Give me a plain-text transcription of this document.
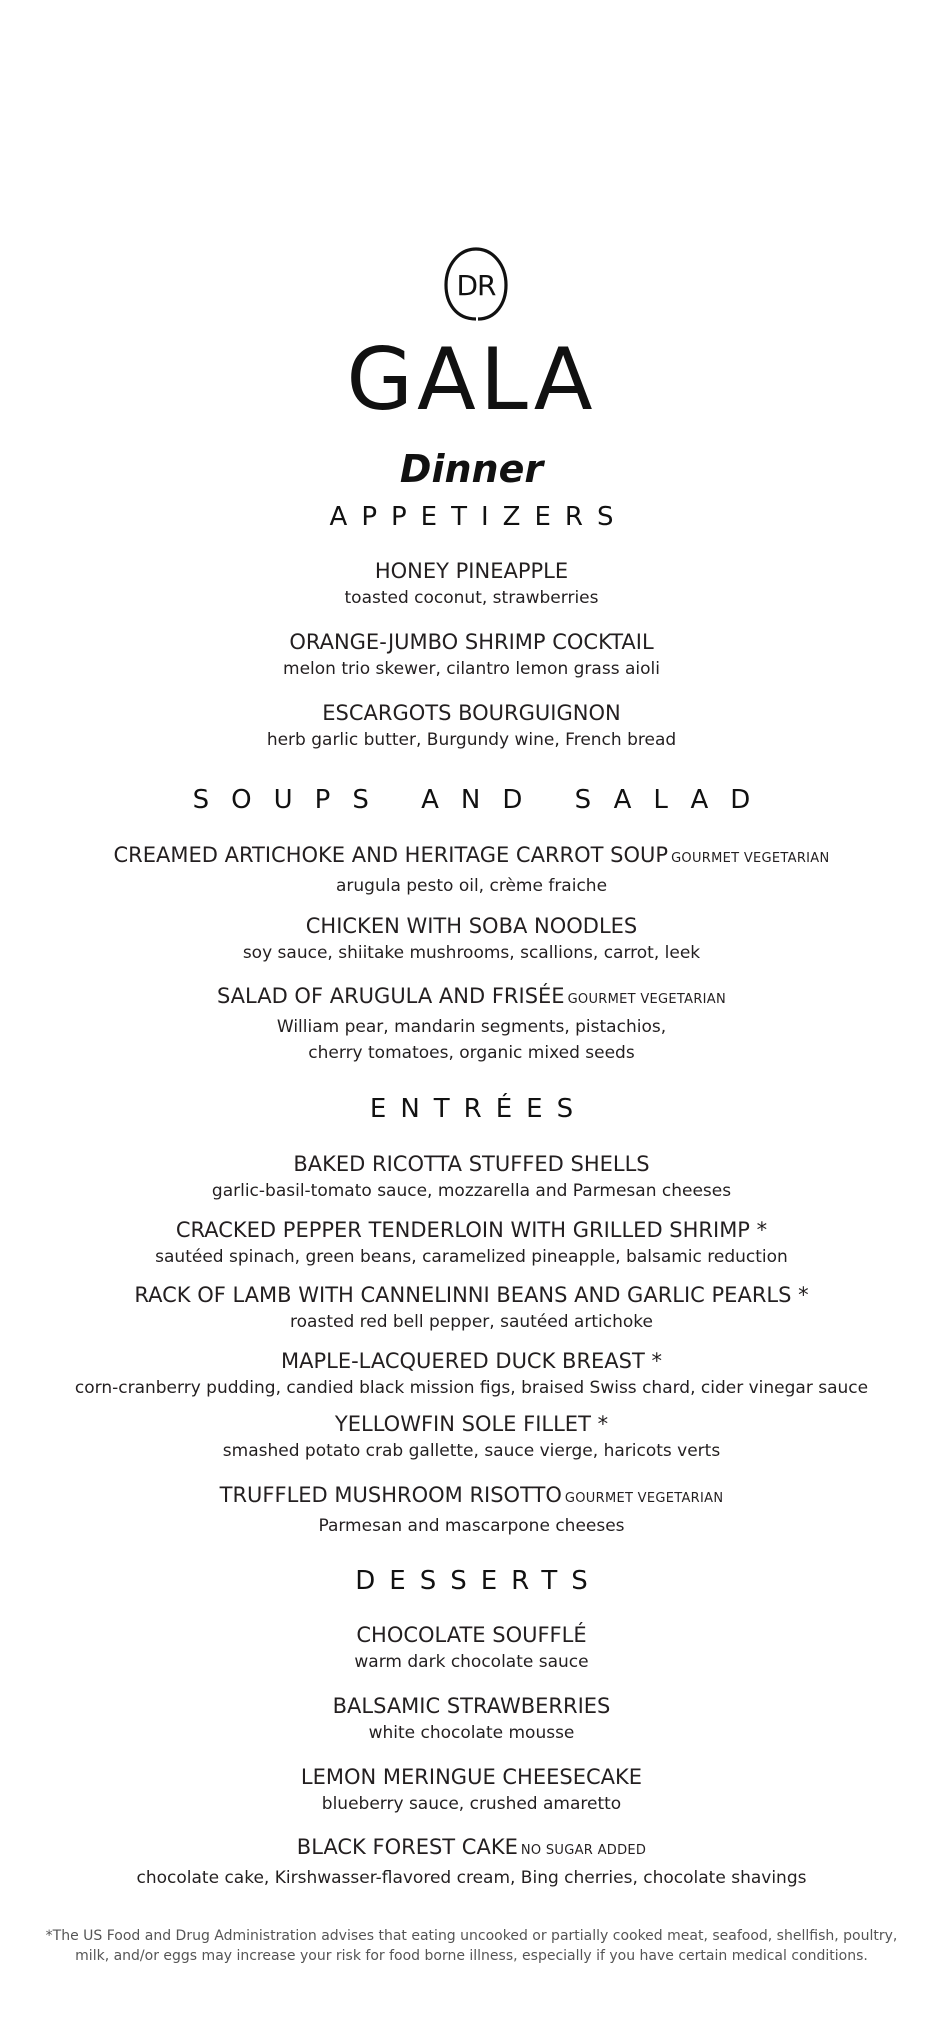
DR
GALA
Dinner
APPETIZERS
HONEY PINEAPPLE
toasted coconut, strawberries
ORANGE-JUMBO SHRIMP COCKTAIL
melon trio skewer, cilantro lemon grass aioli
ESCARGOTS BOURGUIGNON
herb garlic butter, Burgundy wine, French bread
SOUPS AND SALAD
CREAMED ARTICHOKE AND HERITAGE CARROT SOUP GOURMET VEGETARIAN
arugula pesto oil, crème fraiche
CHICKEN WITH SOBA NOODLES
soy sauce, shiitake mushrooms, scallions, carrot, leek
SALAD OF ARUGULA AND FRISÉE GOURMET VEGETARIAN
William pear, mandarin segments, pistachios,
cherry tomatoes, organic mixed seeds
ENTRÉES
BAKED RICOTTA STUFFED SHELLS
garlic-basil-tomato sauce, mozzarella and Parmesan cheeses
CRACKED PEPPER TENDERLOIN WITH GRILLED SHRIMP *
sautéed spinach, green beans, caramelized pineapple, balsamic reduction
RACK OF LAMB WITH CANNELINNI BEANS AND GARLIC PEARLS *
roasted red bell pepper, sautéed artichoke
MAPLE-LACQUERED DUCK BREAST *
corn-cranberry pudding, candied black mission figs, braised Swiss chard, cider vinegar sauce
YELLOWFIN SOLE FILLET *
smashed potato crab gallette, sauce vierge, haricots verts
TRUFFLED MUSHROOM RISOTTO GOURMET VEGETARIAN
Parmesan and mascarpone cheeses
DESSERTS
CHOCOLATE SOUFFLÉ
warm dark chocolate sauce
BALSAMIC STRAWBERRIES
white chocolate mousse
LEMON MERINGUE CHEESECAKE
blueberry sauce, crushed amaretto
BLACK FOREST CAKE NO SUGAR ADDED
chocolate cake, Kirshwasser-flavored cream, Bing cherries, chocolate shavings
*The US Food and Drug Administration advises that eating uncooked or partially cooked meat, seafood, shellfish, poultry,
milk, and/or eggs may increase your risk for food borne illness, especially if you have certain medical conditions.
